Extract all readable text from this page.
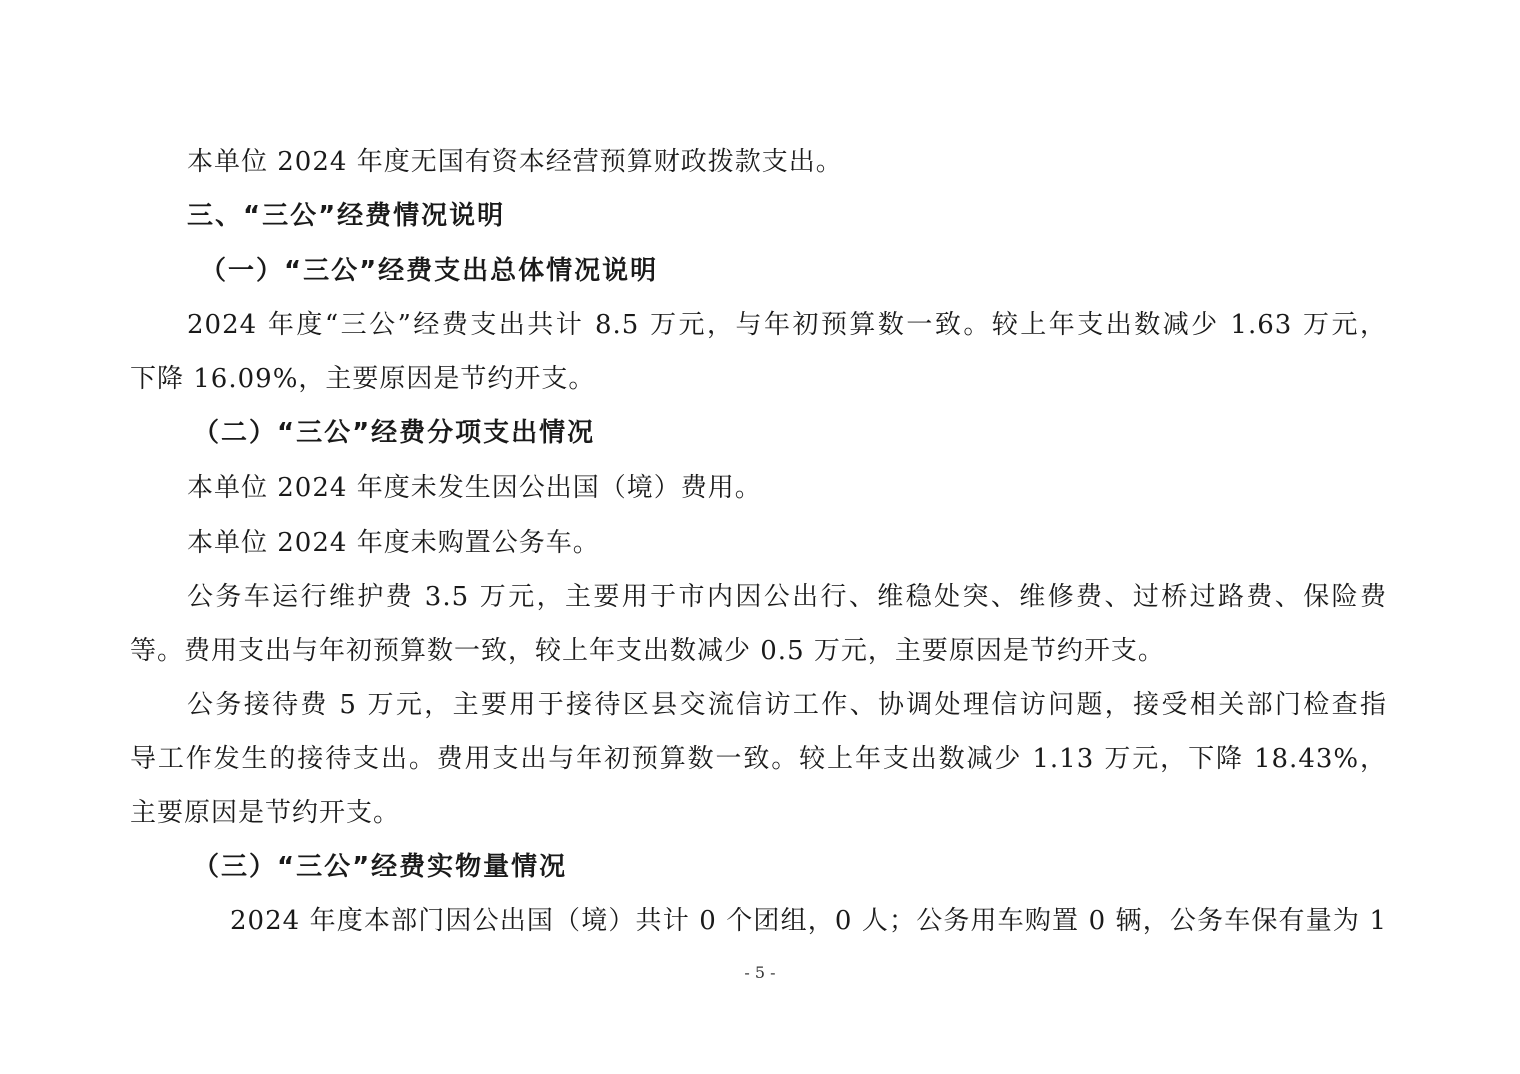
本单位 2024 年度无国有资本经营预算财政拨款支出。
三、“三公”经费情况说明
（一）“三公”经费支出总体情况说明
2024 年度“三公”经费支出共计 8.5 万元，与年初预算数一致。较上年支出数减少 1.63 万元，
下降 16.09%，主要原因是节约开支。
（二）“三公”经费分项支出情况
本单位 2024 年度未发生因公出国（境）费用。
本单位 2024 年度未购置公务车。
公务车运行维护费 3.5 万元，主要用于市内因公出行、维稳处突、维修费、过桥过路费、保险费
等。费用支出与年初预算数一致，较上年支出数减少 0.5 万元，主要原因是节约开支。
公务接待费 5 万元，主要用于接待区县交流信访工作、协调处理信访问题，接受相关部门检查指
导工作发生的接待支出。费用支出与年初预算数一致。较上年支出数减少 1.13 万元，下降 18.43%，
主要原因是节约开支。
（三）“三公”经费实物量情况
2024 年度本部门因公出国（境）共计 0 个团组，0 人；公务用车购置 0 辆，公务车保有量为 1
- 5 -
